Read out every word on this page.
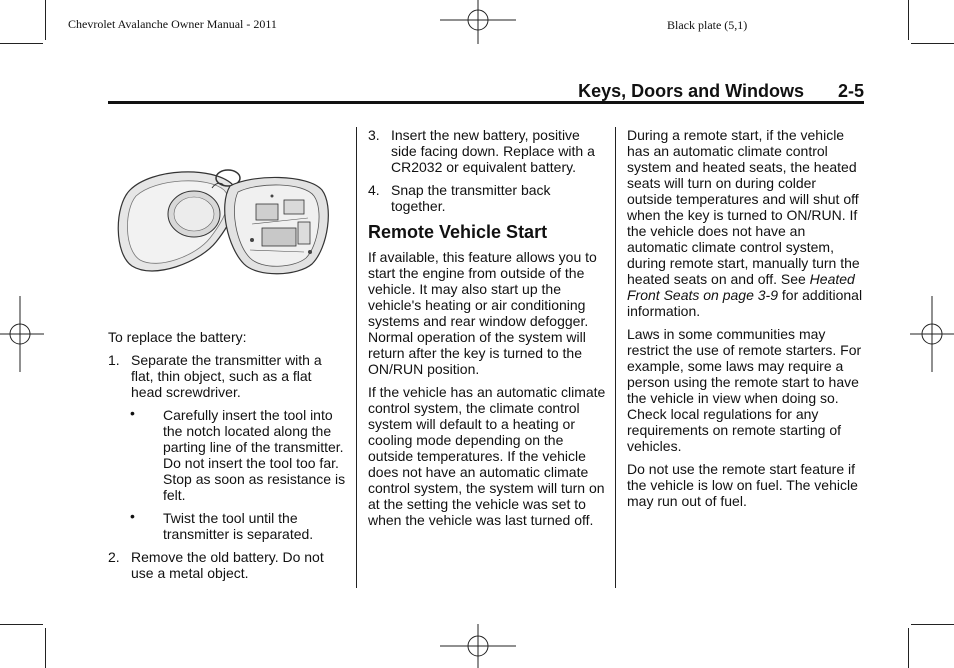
Chevrolet Avalanche Owner Manual - 2011	Black plate (5,1)
Keys, Doors and Windows 2-5

To replace the battery:

1. Separate the transmitter with a flat, thin object, such as a flat head screwdriver.
• Carefully insert the tool into the notch located along the parting line of the transmitter. Do not insert the tool too far. Stop as soon as resistance is felt.
• Twist the tool until the transmitter is separated.
2. Remove the old battery. Do not use a metal object.
3. Insert the new battery, positive side facing down. Replace with a CR2032 or equivalent battery.
4. Snap the transmitter back together.
Remote Vehicle Start

If available, this feature allows you to start the engine from outside of the vehicle. It may also start up the vehicle's heating or air conditioning systems and rear window defogger. Normal operation of the system will return after the key is turned to the ON/RUN position.

If the vehicle has an automatic climate control system, the climate control system will default to a heating or cooling mode depending on the outside temperatures. If the vehicle does not have an automatic climate control system, the system will turn on at the setting the vehicle was set to when the vehicle was last turned off.

During a remote start, if the vehicle has an automatic climate control system and heated seats, the heated seats will turn on during colder outside temperatures and will shut off when the key is turned to ON/RUN. If the vehicle does not have an automatic climate control system, during remote start, manually turn the heated seats on and off. See Heated Front Seats on page 3-9 for additional information.

Laws in some communities may restrict the use of remote starters. For example, some laws may require a person using the remote start to have the vehicle in view when doing so. Check local regulations for any requirements on remote starting of vehicles.

Do not use the remote start feature if the vehicle is low on fuel. The vehicle may run out of fuel.
